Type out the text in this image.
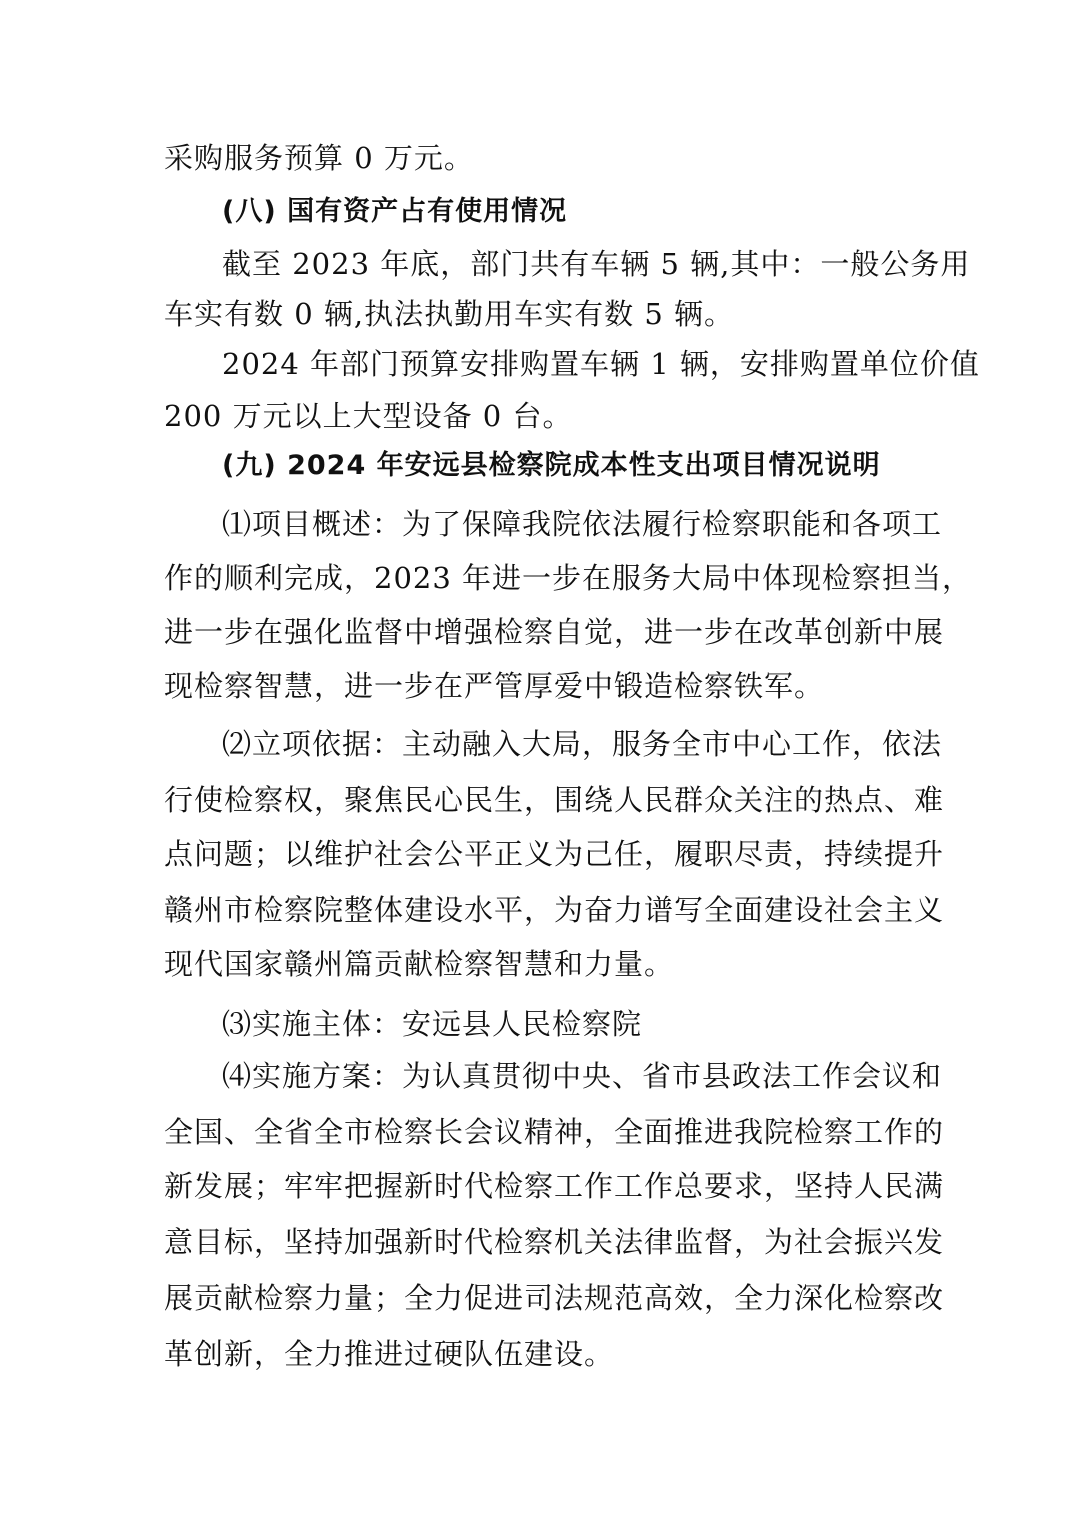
采购服务预算 0 万元。
(八) 国有资产占有使用情况
截至 2023 年底，部门共有车辆 5 辆,其中：一般公务用
车实有数 0 辆,执法执勤用车实有数 5 辆。
2024 年部门预算安排购置车辆 1 辆，安排购置单位价值
200 万元以上大型设备 0 台。
(九) 2024 年安远县检察院成本性支出项目情况说明
⑴项目概述：为了保障我院依法履行检察职能和各项工
作的顺利完成，2023 年进一步在服务大局中体现检察担当，
进一步在强化监督中增强检察自觉，进一步在改革创新中展
现检察智慧，进一步在严管厚爱中锻造检察铁军。
⑵立项依据：主动融入大局，服务全市中心工作，依法
行使检察权，聚焦民心民生，围绕人民群众关注的热点、难
点问题；以维护社会公平正义为己任，履职尽责，持续提升
赣州市检察院整体建设水平，为奋力谱写全面建设社会主义
现代国家赣州篇贡献检察智慧和力量。
⑶实施主体：安远县人民检察院
⑷实施方案：为认真贯彻中央、省市县政法工作会议和
全国、全省全市检察长会议精神，全面推进我院检察工作的
新发展；牢牢把握新时代检察工作工作总要求，坚持人民满
意目标，坚持加强新时代检察机关法律监督，为社会振兴发
展贡献检察力量；全力促进司法规范高效，全力深化检察改
革创新，全力推进过硬队伍建设。
